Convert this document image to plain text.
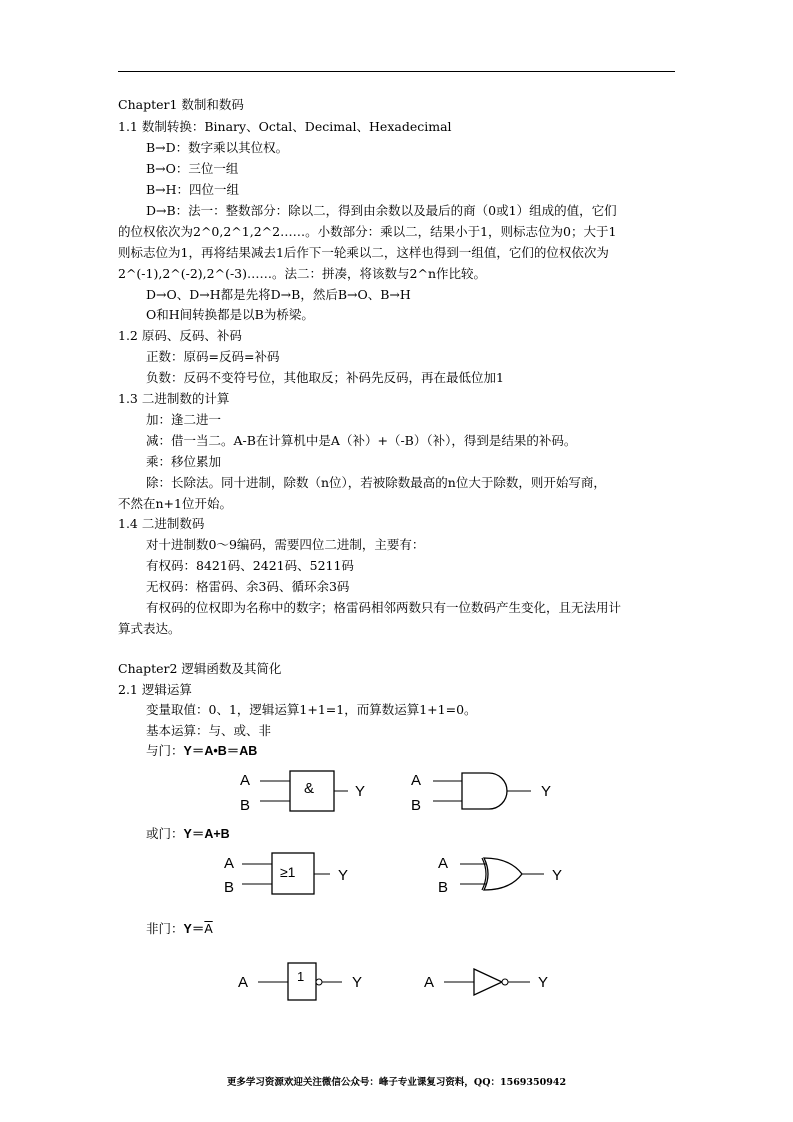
Chapter1 数制和数码
1.1 数制转换：Binary、Octal、Decimal、Hexadecimal
B→D：数字乘以其位权。
B→O：三位一组
B→H：四位一组
D→B：法一：整数部分：除以二，得到由余数以及最后的商（0或1）组成的值，它们
的位权依次为2^0,2^1,2^2……。小数部分：乘以二，结果小于1，则标志位为0；大于1
则标志位为1，再将结果减去1后作下一轮乘以二，这样也得到一组值，它们的位权依次为
2^(-1),2^(-2),2^(-3)……。法二：拼凑，将该数与2^n作比较。
D→O、D→H都是先将D→B，然后B→O、B→H
O和H间转换都是以B为桥梁。
1.2 原码、反码、补码
正数：原码=反码=补码
负数：反码不变符号位，其他取反；补码先反码，再在最低位加1
1.3 二进制数的计算
加：逢二进一
减：借一当二。A-B在计算机中是A（补）+（-B）（补），得到是结果的补码。
乘：移位累加
除：长除法。同十进制，除数（n位），若被除数最高的n位大于除数，则开始写商，
不然在n+1位开始。
1.4 二进制数码
对十进制数0～9编码，需要四位二进制，主要有：
有权码：8421码、2421码、5211码
无权码：格雷码、余3码、循环余3码
有权码的位权即为名称中的数字；格雷码相邻两数只有一位数码产生变化，且无法用计
算式表达。
Chapter2 逻辑函数及其简化
2.1 逻辑运算
变量取值：0、1，逻辑运算1+1=1，而算数运算1+1=0。
基本运算：与、或、非
与门：Y＝A•B＝AB
A
B
&	Y
A
B
Y
或门：Y＝A+B
A
B
≥1	Y
A
B
Y
非门：$Y=\overline{A}$
A	1	Y	A	Y
更多学习资源欢迎关注微信公众号：峰子专业课复习资料，QQ：1569350942
